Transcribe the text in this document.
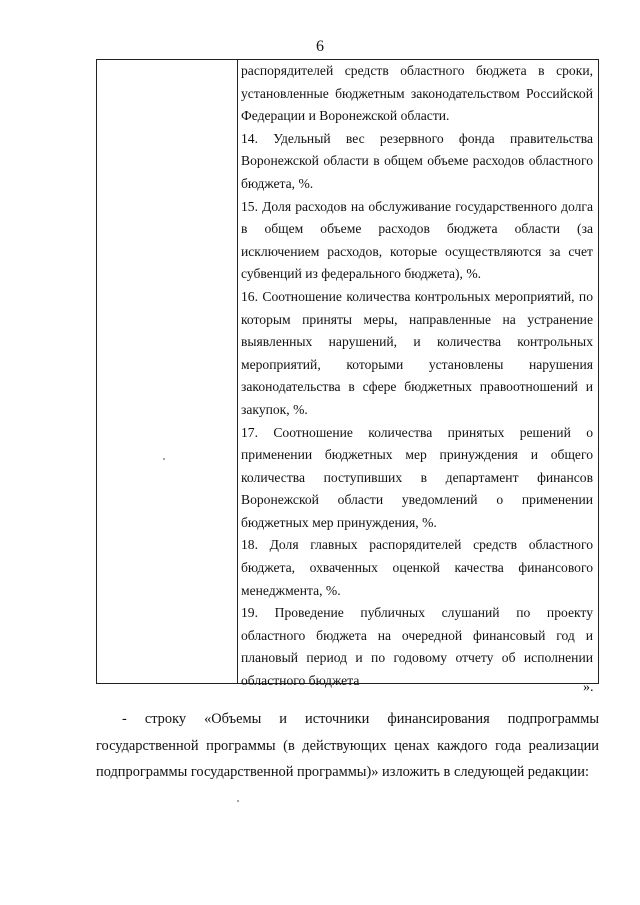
6

распорядителей средств областного бюджета в сроки, установленные бюджетным законодательством Российской Федерации и Воронежской области.

14. Удельный вес резервного фонда правительства Воронежской области в общем объеме расходов областного бюджета, %.

15. Доля расходов на обслуживание государственного долга в общем объеме расходов бюджета области (за исключением расходов, которые осуществляются за счет субвенций из федерального бюджета), %.

16. Соотношение количества контрольных мероприятий, по которым приняты меры, направленные на устранение выявленных нарушений, и количества контрольных мероприятий, которыми установлены нарушения законодательства в сфере бюджетных правоотношений и закупок, %.

17. Соотношение количества принятых решений о применении бюджетных мер принуждения и общего количества поступивших в департамент финансов Воронежской области уведомлений о применении бюджетных мер принуждения, %.

18. Доля главных распорядителей средств областного бюджета, охваченных оценкой качества финансового менеджмента, %.

19. Проведение публичных слушаний по проекту областного бюджета на очередной финансовый год и плановый период и по годовому отчету об исполнении областного бюджета	».

- строку «Объемы и источники финансирования подпрограммы государственной программы (в действующих ценах каждого года реализации подпрограммы государственной программы)» изложить в следующей редакции:
